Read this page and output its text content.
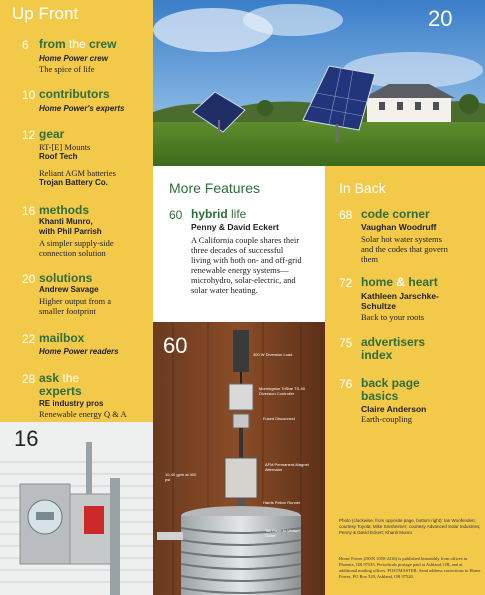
Up Front
6 from the crew
Home Power crew
The spice of life
10 contributors
Home Power's experts
12 gear
RT-[E] Mounts
Roof Tech
Reliant AGM batteries
Trojan Battery Co.
16 methods
Khanti Munro,
with Phil Parrish
A simpler supply-side
connection solution
20 solutions
Andrew Savage
Higher output from a
smaller footprint
22 mailbox
Home Power readers
28 ask the
experts
RE industry pros
Renewable energy Q & A
16
20
More Features
60 hybrid life
Penny & David Eckert
A California couple shares their
three decades of successful
living with both on- and off-grid
renewable energy systems—
microhydro, solar-electric, and
solar water heating.
In Back
68 code corner
Vaughan Woodruff
Solar hot water systems
and the codes that govern
them
72 home & heart
Kathleen Jarschke-
Schultze
Back to your roots
75 advertisers
index
76 back page
basics
Claire Anderson
Earth-coupling
Photo (clockwise, from opposite page, bottom right): Ian Woofenden; courtesy Toyota; Mike Sinsheimer; courtesy Advanced Solar Industries; Penny & David Eckert; Khanti Munro
Home Power (ISSN 1050-2416) is published bimonthly from offices in Phoenix, OR 97535. Periodicals postage paid at Ashland, OR, and at additional mailing offices. POSTMASTER: Send address corrections to Home Power, PO Box 520, Ashland, OR 97520.
300 W Diversion Load
Morningstar TriStar TS-45 Diversion Controller
Fused Disconnect
AFM Permanent-Magnet Alternator
Harris Pelton Runner
Tail Race to Venturi Outlet
10-40 gpm at 400 psi
60
